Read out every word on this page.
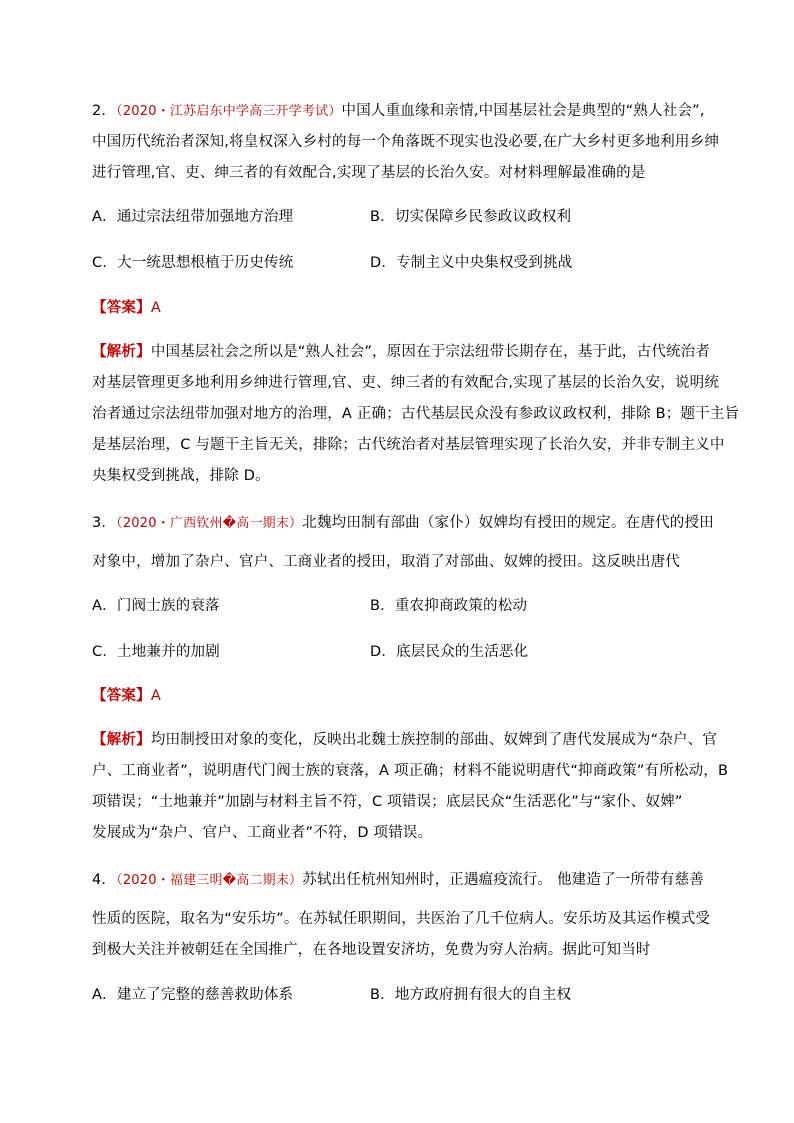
2．（2020・江苏启东中学高三开学考试）中国人重血缘和亲情,中国基层社会是典型的“熟人社会”,
中国历代统治者深知,将皇权深入乡村的每一个角落既不现实也没必要,在广大乡村更多地利用乡绅
进行管理,官、吏、绅三者的有效配合,实现了基层的长治久安。对材料理解最准确的是
A．通过宗法纽带加强地方治理	B．切实保障乡民参政议政权利
C．大一统思想根植于历史传统	D．专制主义中央集权受到挑战
【答案】A
【解析】中国基层社会之所以是“熟人社会”，原因在于宗法纽带长期存在，基于此，古代统治者
对基层管理更多地利用乡绅进行管理,官、吏、绅三者的有效配合,实现了基层的长治久安，说明统
治者通过宗法纽带加强对地方的治理，A 正确；古代基层民众没有参政议政权利，排除 B；题干主旨
是基层治理，C 与题干主旨无关，排除；古代统治者对基层管理实现了长治久安，并非专制主义中
央集权受到挑战，排除 D。
3．（2020・广西钦州�高一期末）北魏均田制有部曲（家仆）奴婢均有授田的规定。在唐代的授田
对象中，增加了杂户、官户、工商业者的授田，取消了对部曲、奴婢的授田。这反映出唐代
A．门阀士族的衰落	B．重农抑商政策的松动
C．土地兼并的加剧	D．底层民众的生活恶化
【答案】A
【解析】均田制授田对象的变化，反映出北魏士族控制的部曲、奴婢到了唐代发展成为“杂户、官
户、工商业者”，说明唐代门阀士族的衰落，A 项正确；材料不能说明唐代“抑商政策”有所松动，B
项错误；“土地兼并”加剧与材料主旨不符，C 项错误；底层民众“生活恶化”与“家仆、奴婢”
发展成为“杂户、官户、工商业者”不符，D 项错误。
4．（2020・福建三明�高二期末）苏轼出任杭州知州时，正遇瘟疫流行。 他建造了一所带有慈善
性质的医院，取名为“安乐坊”。在苏轼任职期间，共医治了几千位病人。安乐坊及其运作模式受
到极大关注并被朝廷在全国推广，在各地设置安济坊，免费为穷人治病。据此可知当时
A．建立了完整的慈善救助体系	B．地方政府拥有很大的自主权
